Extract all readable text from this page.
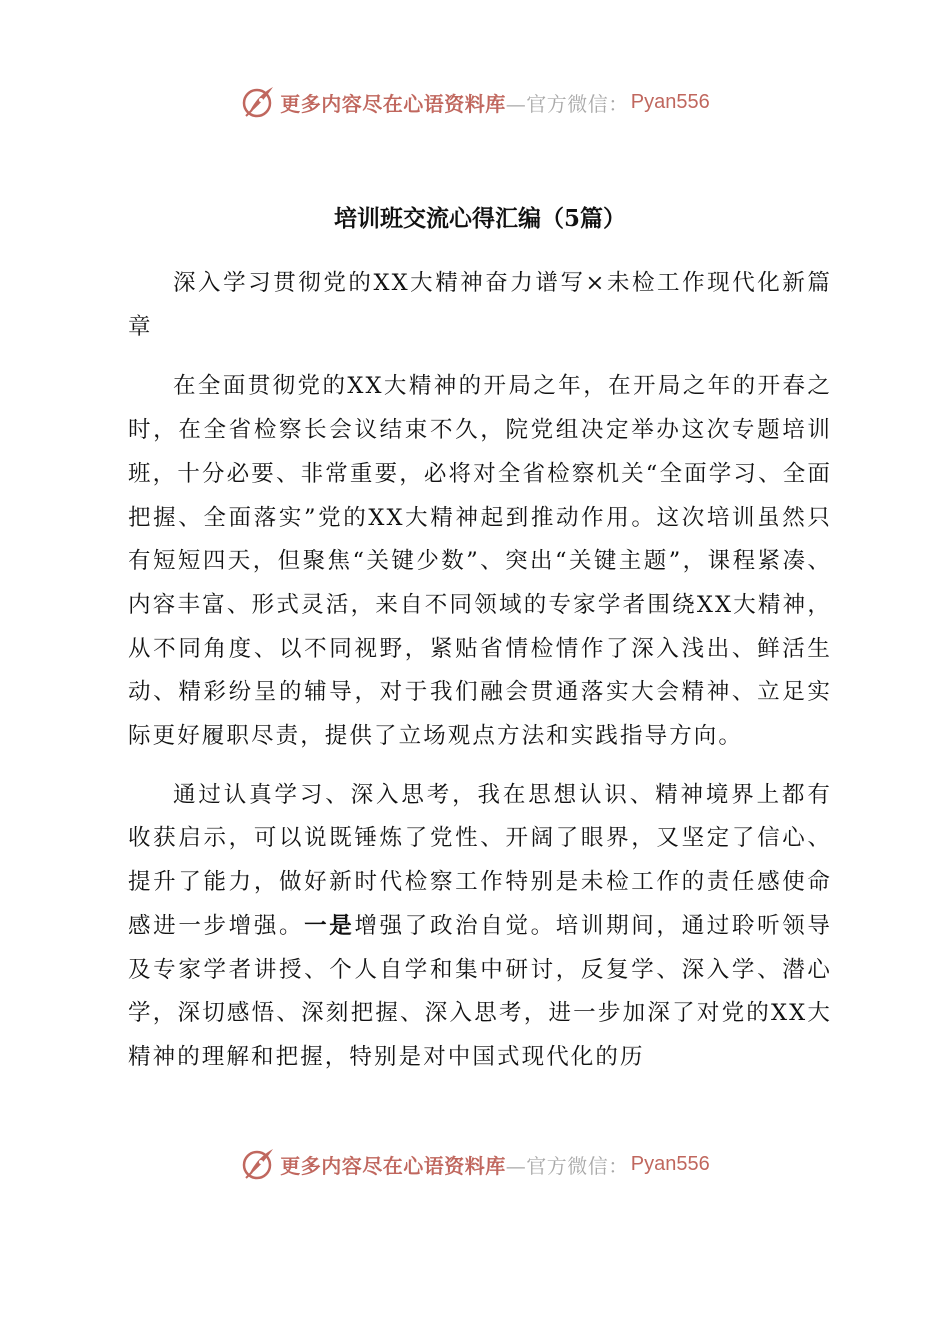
更多内容尽在心语资料库 —官方微信： Pyan556
培训班交流心得汇编（5篇）

深入学习贯彻党的XX大精神奋力谱写×未检工作现代化新篇章

在全面贯彻党的XX大精神的开局之年，在开局之年的开春之时，在全省检察长会议结束不久，院党组决定举办这次专题培训班，十分必要、非常重要，必将对全省检察机关“全面学习、全面把握、全面落实”党的XX大精神起到推动作用。这次培训虽然只有短短四天，但聚焦“关键少数”、突出“关键主题”，课程紧凑、内容丰富、形式灵活，来自不同领域的专家学者围绕XX大精神，从不同角度、以不同视野，紧贴省情检情作了深入浅出、鲜活生动、精彩纷呈的辅导，对于我们融会贯通落实大会精神、立足实际更好履职尽责，提供了立场观点方法和实践指导方向。

通过认真学习、深入思考，我在思想认识、精神境界上都有收获启示，可以说既锤炼了党性、开阔了眼界，又坚定了信心、提升了能力，做好新时代检察工作特别是未检工作的责任感使命感进一步增强。一是增强了政治自觉。培训期间，通过聆听领导及专家学者讲授、个人自学和集中研讨，反复学、深入学、潜心学，深切感悟、深刻把握、深入思考，进一步加深了对党的XX大精神的理解和把握，特别是对中国式现代化的历

更多内容尽在心语资料库 —官方微信： Pyan556
